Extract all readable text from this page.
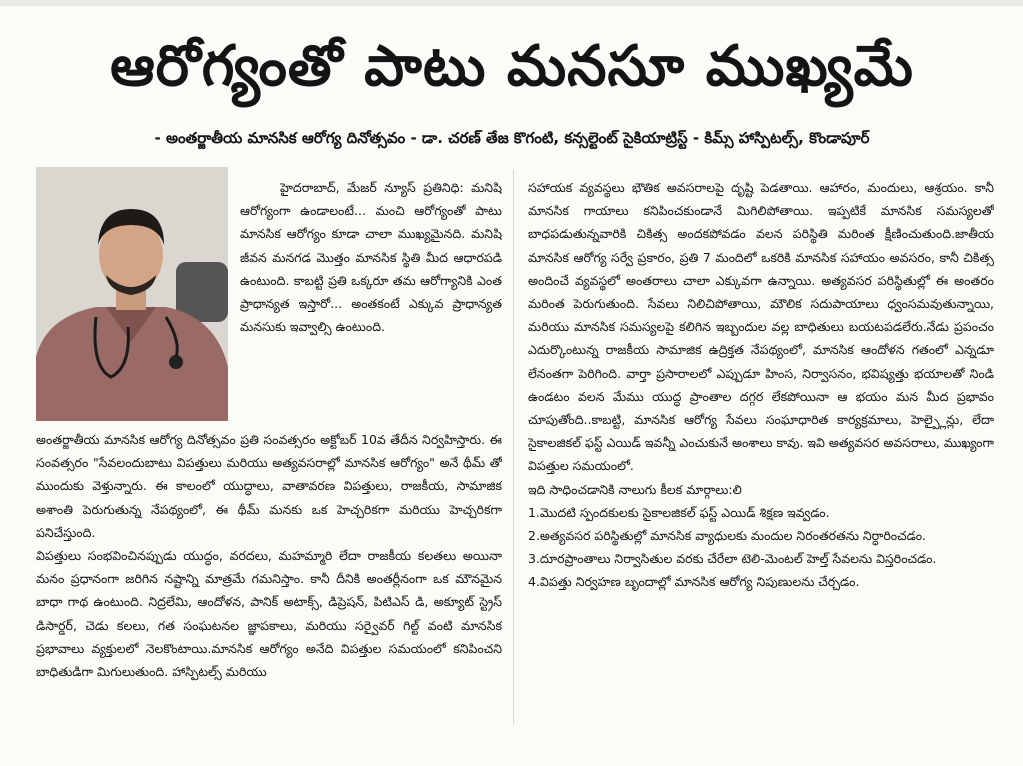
ఆరోగ్యంతో పాటు మనసూ ముఖ్యమే
- అంతర్జాతీయ మానసిక ఆరోగ్య దినోత్సవం - డా. చరణ్ తేజ కొగంటి, కన్సల్టెంట్ సైకియాట్రిస్ట్ - కిమ్స్ హాస్పిటల్స్, కొండాపూర్

హైదరాబాద్, మేజర్ న్యూస్ ప్రతినిధి: మనిషి ఆరోగ్యంగా ఉండాలంటే... మంచి ఆరోగ్యంతో పాటు మానసిక ఆరోగ్యం కూడా చాలా ముఖ్యమైనది. మనిషి జీవన మనగడ మొత్తం మానసిక స్థితి మీద ఆధారపడి ఉంటుంది. కాబట్టి ప్రతి ఒక్కరూ తమ ఆరోగ్యానికి ఎంత ప్రాధాన్యత ఇస్తారో... అంతకంటే ఎక్కువ ప్రాధాన్యత మనసుకు ఇవ్వాల్సి ఉంటుంది.

అంతర్జాతీయ మానసిక ఆరోగ్య దినోత్సవం ప్రతి సంవత్సరం అక్టోబర్ 10వ తేదీన నిర్వహిస్తారు. ఈ సంవత్సరం "సేవలందుబాటు విపత్తులు మరియు అత్యవసరాల్లో మానసిక ఆరోగ్యం" అనే థీమ్ తో ముందుకు వెళ్తున్నారు. ఈ కాలంలో యుద్ధాలు, వాతావరణ విపత్తులు, రాజకీయ, సామాజిక అశాంతి పెరుగుతున్న నేపథ్యంలో, ఈ థీమ్ మనకు ఒక హెచ్చరికగా మరియు హెచ్చరికగా పనిచేస్తుంది.

విపత్తులు సంభవించినప్పుడు యుద్ధం, వరదలు, మహమ్మారి లేదా రాజకీయ కలతలు అయినా మనం ప్రధానంగా జరిగిన నష్టాన్ని మాత్రమే గమనిస్తాం. కానీ దీనికి అంతర్లీనంగా ఒక మౌనమైన బాధా గాథ ఉంటుంది. నిద్రలేమి, ఆందోళన, పానిక్ అటాక్స్, డిప్రెషన్, పిటిఎస్ డి, అక్యూట్ స్ట్రెస్ డిసార్డర్, చెడు కలలు, గత సంఘటనల జ్ఞాపకాలు, మరియు సర్వైవర్ గిల్ట్ వంటి మానసిక ప్రభావాలు వ్యక్తులలో నెలకొంటాయి.మానసిక ఆరోగ్యం అనేది విపత్తుల సమయంలో కనిపించని బాధితుడిగా మిగులుతుంది. హాస్పిటల్స్ మరియు

సహాయక వ్యవస్థలు భౌతిక అవసరాలపై దృష్టి పెడతాయి. ఆహారం, మందులు, ఆశ్రయం. కానీ మానసిక గాయాలు కనిపించకుండానే మిగిలిపోతాయి. ఇప్పటికే మానసిక సమస్యలతో బాధపడుతున్నవారికి చికిత్స అందకపోవడం వలన పరిస్థితి మరింత క్షీణించుతుంది.జాతీయ మానసిక ఆరోగ్య సర్వే ప్రకారం, ప్రతి 7 మందిలో ఒకరికి మానసిక సహాయం అవసరం, కానీ చికిత్స అందించే వ్యవస్థలో అంతరాలు చాలా ఎక్కువగా ఉన్నాయి. అత్యవసర పరిస్థితుల్లో ఈ అంతరం మరింత పెరుగుతుంది. సేవలు నిలిచిపోతాయి, మౌలిక సదుపాయాలు ధ్వంసమవుతున్నాయి, మరియు మానసిక సమస్యలపై కలిగిన ఇబ్బందుల వల్ల బాధితులు బయటపడలేరు.నేడు ప్రపంచం ఎదుర్కొంటున్న రాజకీయ సామాజిక ఉద్రిక్తత నేపథ్యంలో, మానసిక ఆందోళన గతంలో ఎన్నడూ లేనంతగా పెరిగింది. వార్తా ప్రసారాలలో ఎప్పుడూ హింస, నిర్వాసనం, భవిష్యత్తు భయాలతో నిండి ఉండటం వలన మేము యుద్ధ ప్రాంతాల దగ్గర లేకపోయినా ఆ భయం మన మీద ప్రభావం చూపుతోంది..కాబట్టి, మానసిక ఆరోగ్య సేవలు సంఘాధారిత కార్యక్రమాలు, హెల్ప్లైన్లు, లేదా సైకాలజికల్ ఫస్ట్ ఎయిడ్ ఇవన్నీ ఎంచుకునే అంశాలు కావు. ఇవి అత్యవసర అవసరాలు, ముఖ్యంగా విపత్తుల సమయంలో.

ఇది సాధించడానికి నాలుగు కీలక మార్గాలు:లి

1.మొదటి స్పందకులకు సైకాలజికల్ ఫస్ట్ ఎయిడ్ శిక్షణ ఇవ్వడం.
2.అత్యవసర పరిస్థితుల్లో మానసిక వ్యాధులకు మందుల నిరంతరతను నిర్ధారించడం.
3.దూరప్రాంతాలు నిర్వాసితుల వరకు చేరేలా టెలి-మెంటల్ హెల్త్ సేవలను విస్తరించడం.
4.విపత్తు నిర్వహణ బృందాల్లో మానసిక ఆరోగ్య నిపుణులను చేర్చడం.
